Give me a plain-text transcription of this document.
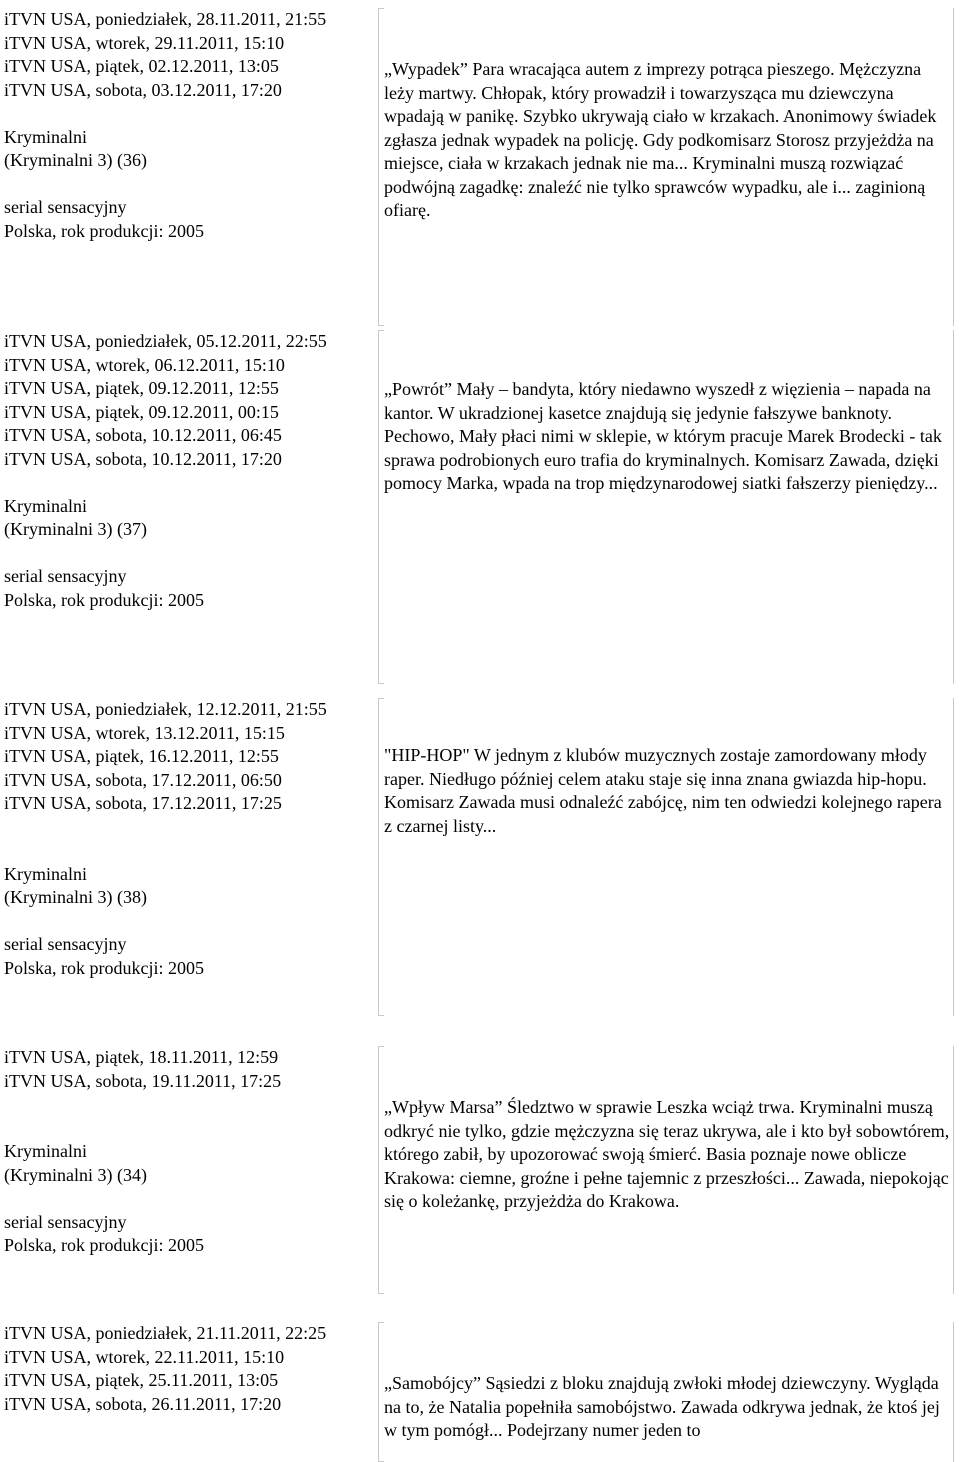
iTVN USA, poniedziałek, 28.11.2011, 21:55
iTVN USA, wtorek, 29.11.2011, 15:10
iTVN USA, piątek, 02.12.2011, 13:05
iTVN USA, sobota, 03.12.2011, 17:20
Kryminalni
(Kryminalni 3) (36)
serial sensacyjny
Polska, rok produkcji: 2005
„Wypadek” Para wracająca autem z imprezy potrąca pieszego. Mężczyzna leży martwy. Chłopak, który prowadził i towarzysząca mu dziewczyna wpadają w panikę. Szybko ukrywają ciało w krzakach. Anonimowy świadek zgłasza jednak wypadek na policję. Gdy podkomisarz Storosz przyjeżdża na miejsce, ciała w krzakach jednak nie ma... Kryminalni muszą rozwiązać podwójną zagadkę: znaleźć nie tylko sprawców wypadku, ale i... zaginioną ofiarę.
iTVN USA, poniedziałek, 05.12.2011, 22:55
iTVN USA, wtorek, 06.12.2011, 15:10
iTVN USA, piątek, 09.12.2011, 12:55
iTVN USA, piątek, 09.12.2011, 00:15
iTVN USA, sobota, 10.12.2011, 06:45
iTVN USA, sobota, 10.12.2011, 17:20
Kryminalni
(Kryminalni 3) (37)
serial sensacyjny
Polska, rok produkcji: 2005
„Powrót” Mały – bandyta, który niedawno wyszedł z więzienia – napada na kantor. W ukradzionej kasetce znajdują się jedynie fałszywe banknoty. Pechowo, Mały płaci nimi w sklepie, w którym pracuje Marek Brodecki - tak sprawa podrobionych euro trafia do kryminalnych. Komisarz Zawada, dzięki pomocy Marka, wpada na trop międzynarodowej siatki fałszerzy pieniędzy...
iTVN USA, poniedziałek, 12.12.2011, 21:55
iTVN USA, wtorek, 13.12.2011, 15:15
iTVN USA, piątek, 16.12.2011, 12:55
iTVN USA, sobota, 17.12.2011, 06:50
iTVN USA, sobota, 17.12.2011, 17:25
Kryminalni
(Kryminalni 3) (38)
serial sensacyjny
Polska, rok produkcji: 2005
"HIP-HOP" W jednym z klubów muzycznych zostaje zamordowany młody raper. Niedługo później celem ataku staje się inna znana gwiazda hip-hopu. Komisarz Zawada musi odnaleźć zabójcę, nim ten odwiedzi kolejnego rapera z czarnej listy...
iTVN USA, piątek, 18.11.2011, 12:59
iTVN USA, sobota, 19.11.2011, 17:25
Kryminalni
(Kryminalni 3) (34)
serial sensacyjny
Polska, rok produkcji: 2005
„Wpływ Marsa” Śledztwo w sprawie Leszka wciąż trwa. Kryminalni muszą odkryć nie tylko, gdzie mężczyzna się teraz ukrywa, ale i kto był sobowtórem, którego zabił, by upozorować swoją śmierć. Basia poznaje nowe oblicze Krakowa: ciemne, groźne i pełne tajemnic z przeszłości... Zawada, niepokojąc się o koleżankę, przyjeżdża do Krakowa.
iTVN USA, poniedziałek, 21.11.2011, 22:25
iTVN USA, wtorek, 22.11.2011, 15:10
iTVN USA, piątek, 25.11.2011, 13:05
iTVN USA, sobota, 26.11.2011, 17:20
„Samobójcy” Sąsiedzi z bloku znajdują zwłoki młodej dziewczyny. Wygląda na to, że Natalia popełniła samobójstwo. Zawada odkrywa jednak, że ktoś jej w tym pomógł... Podejrzany numer jeden to
